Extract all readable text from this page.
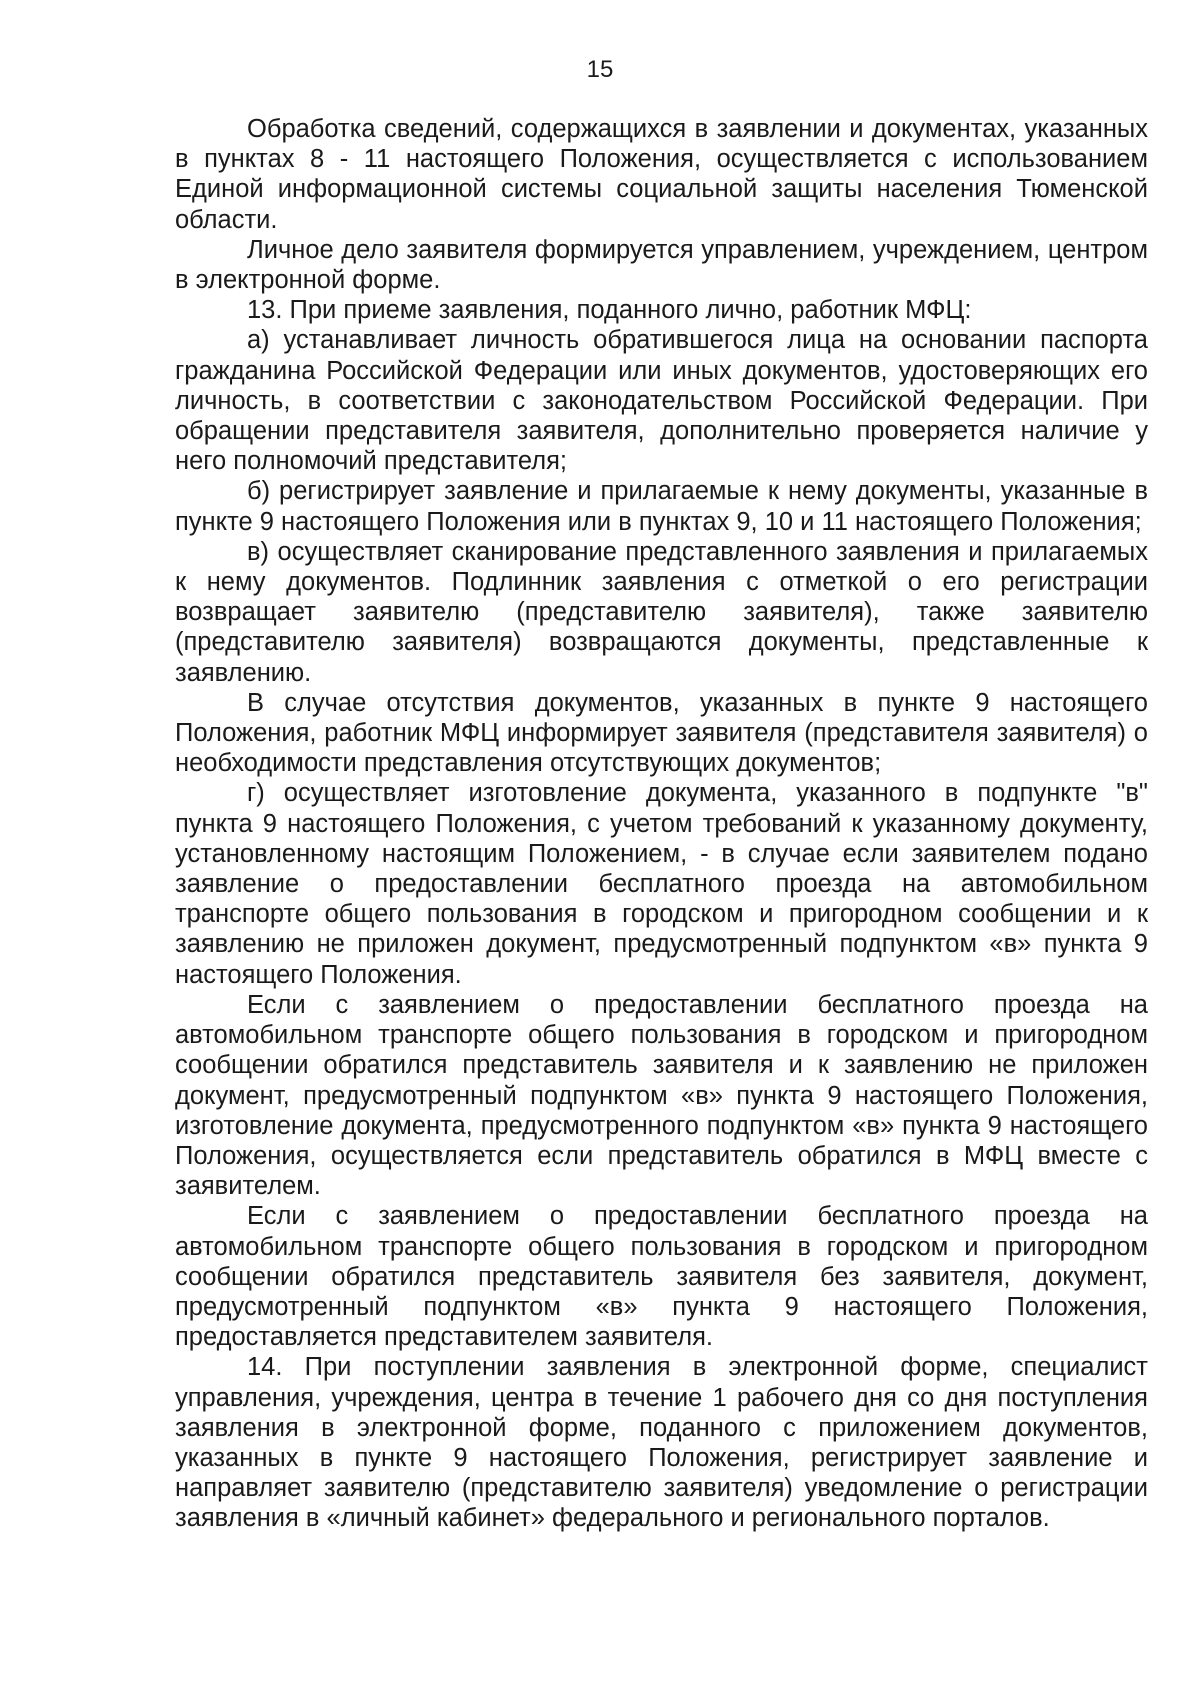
15

Обработка сведений, содержащихся в заявлении и документах, указанных в пунктах 8 - 11 настоящего Положения, осуществляется с использованием Единой информационной системы социальной защиты населения Тюменской области.

Личное дело заявителя формируется управлением, учреждением, центром в электронной форме.

13. При приеме заявления, поданного лично, работник МФЦ:

а) устанавливает личность обратившегося лица на основании паспорта гражданина Российской Федерации или иных документов, удостоверяющих его личность, в соответствии с законодательством Российской Федерации. При обращении представителя заявителя, дополнительно проверяется наличие у него полномочий представителя;

б) регистрирует заявление и прилагаемые к нему документы, указанные в пункте 9 настоящего Положения или в пунктах 9, 10 и 11 настоящего Положения;

в) осуществляет сканирование представленного заявления и прилагаемых к нему документов. Подлинник заявления с отметкой о его регистрации возвращает заявителю (представителю заявителя), также заявителю (представителю заявителя) возвращаются документы, представленные к заявлению.

В случае отсутствия документов, указанных в пункте 9 настоящего Положения, работник МФЦ информирует заявителя (представителя заявителя) о необходимости представления отсутствующих документов;

г) осуществляет изготовление документа, указанного в подпункте "в" пункта 9 настоящего Положения, с учетом требований к указанному документу, установленному настоящим Положением, - в случае если заявителем подано заявление о предоставлении бесплатного проезда на автомобильном транспорте общего пользования в городском и пригородном сообщении и к заявлению не приложен документ, предусмотренный подпунктом «в» пункта 9 настоящего Положения.

Если с заявлением о предоставлении бесплатного проезда на автомобильном транспорте общего пользования в городском и пригородном сообщении обратился представитель заявителя и к заявлению не приложен документ, предусмотренный подпунктом «в» пункта 9 настоящего Положения, изготовление документа, предусмотренного подпунктом «в» пункта 9 настоящего Положения, осуществляется если представитель обратился в МФЦ вместе с заявителем.

Если с заявлением о предоставлении бесплатного проезда на автомобильном транспорте общего пользования в городском и пригородном сообщении обратился представитель заявителя без заявителя, документ, предусмотренный подпунктом «в» пункта 9 настоящего Положения, предоставляется представителем заявителя.

14. При поступлении заявления в электронной форме, специалист управления, учреждения, центра в течение 1 рабочего дня со дня поступления заявления в электронной форме, поданного с приложением документов, указанных в пункте 9 настоящего Положения, регистрирует заявление и направляет заявителю (представителю заявителя) уведомление о регистрации заявления в «личный кабинет» федерального и регионального порталов.
